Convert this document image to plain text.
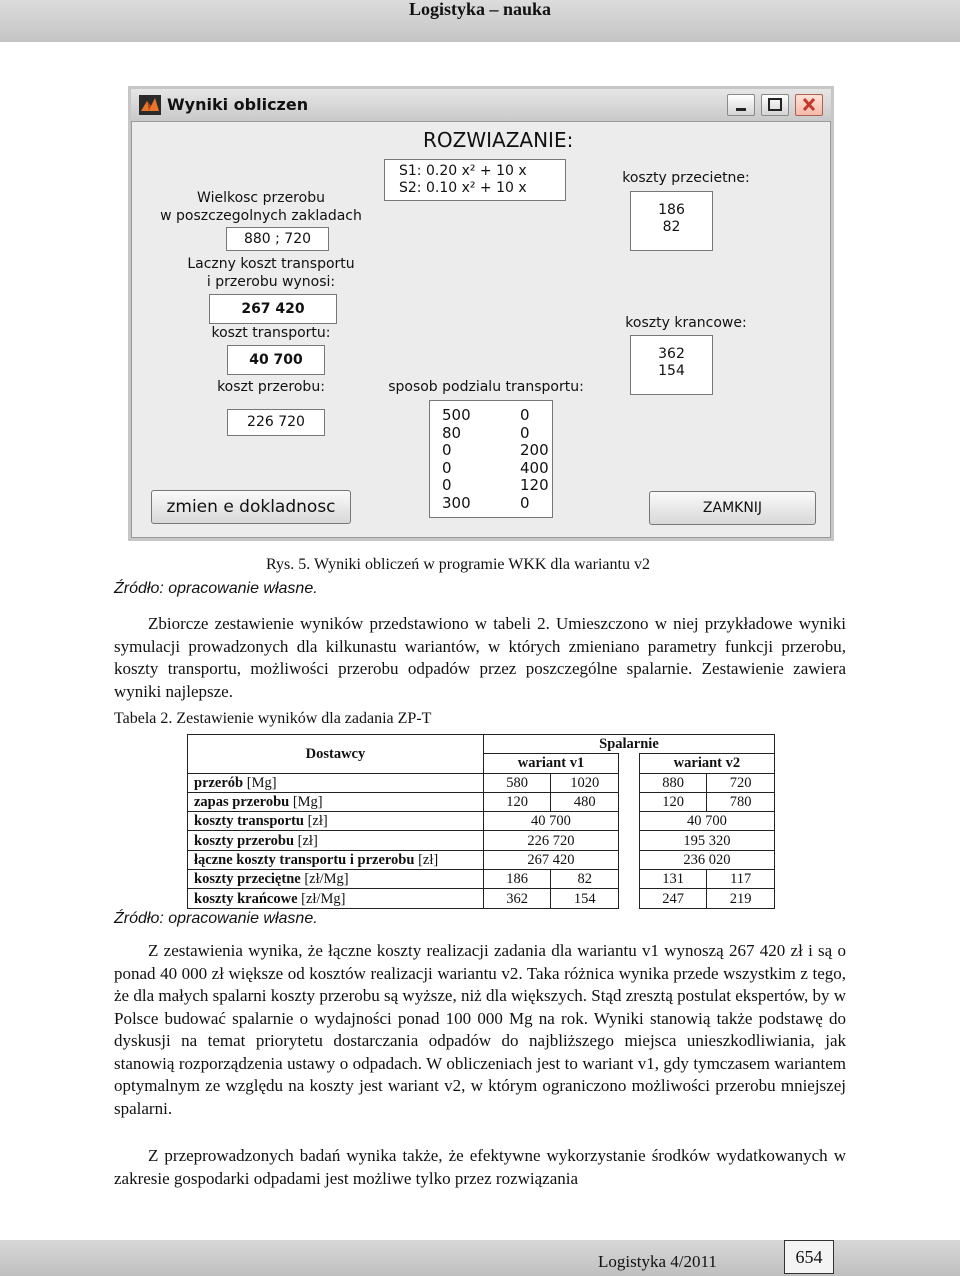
Logistyka – nauka
Wyniki obliczen
ROZWIAZANIE:
S1: 0.20 x² + 10 x
S2: 0.10 x² + 10 x
Wielkosc przerobu
w poszczegolnych zakladach
880 ; 720
Laczny koszt transportu
i przerobu wynosi:
267 420
koszt transportu:
40 700
koszt przerobu:
226 720
koszty przecietne:
186
82
koszty krancowe:
362
154
sposob podzialu transportu:
500	0
80	0
0	200
0	400
0	120
300	0
zmien e dokladnosc	ZAMKNIJ
Rys. 5. Wyniki obliczeń w programie WKK dla wariantu v2
Źródło: opracowanie własne.

Zbiorcze zestawienie wyników przedstawiono w tabeli 2. Umieszczono w niej przykładowe wyniki symulacji prowadzonych dla kilkunastu wariantów, w których zmieniano parametry funkcji przerobu, koszty transportu, możliwości przerobu odpadów przez poszczególne spalarnie. Zestawienie zawiera wyniki najlepsze.

Tabela 2. Zestawienie wyników dla zadania ZP-T
Dostawcy	Spalarnie				
	wariant v1			wariant v2	
przerób [Mg]	580	1020		880	720
zapas przerobu [Mg]	120	480		120	780
koszty transportu [zł]	40 700			40 700	
koszty przerobu [zł]	226 720			195 320	
łączne koszty transportu i przerobu [zł]	267 420			236 020	
koszty przeciętne [zł/Mg]	186	82		131	117
koszty krańcowe [zł/Mg]	362	154		247	219
Źródło: opracowanie własne.

Z zestawienia wynika, że łączne koszty realizacji zadania dla wariantu v1 wynoszą 267 420 zł i są o ponad 40 000 zł większe od kosztów realizacji wariantu v2. Taka różnica wynika przede wszystkim z tego, że dla małych spalarni koszty przerobu są wyższe, niż dla większych. Stąd zresztą postulat ekspertów, by w Polsce budować spalarnie o wydajności ponad 100 000 Mg na rok. Wyniki stanowią także podstawę do dyskusji na temat priorytetu dostarczania odpadów do najbliższego miejsca unieszkodliwiania, jak stanowią rozporządzenia ustawy o odpadach. W obliczeniach jest to wariant v1, gdy tymczasem wariantem optymalnym ze względu na koszty jest wariant v2, w którym ograniczono możliwości przerobu mniejszej spalarni.

Z przeprowadzonych badań wynika także, że efektywne wykorzystanie środków wydatkowanych w zakresie gospodarki odpadami jest możliwe tylko przez rozwiązania

Logistyka 4/2011	654
